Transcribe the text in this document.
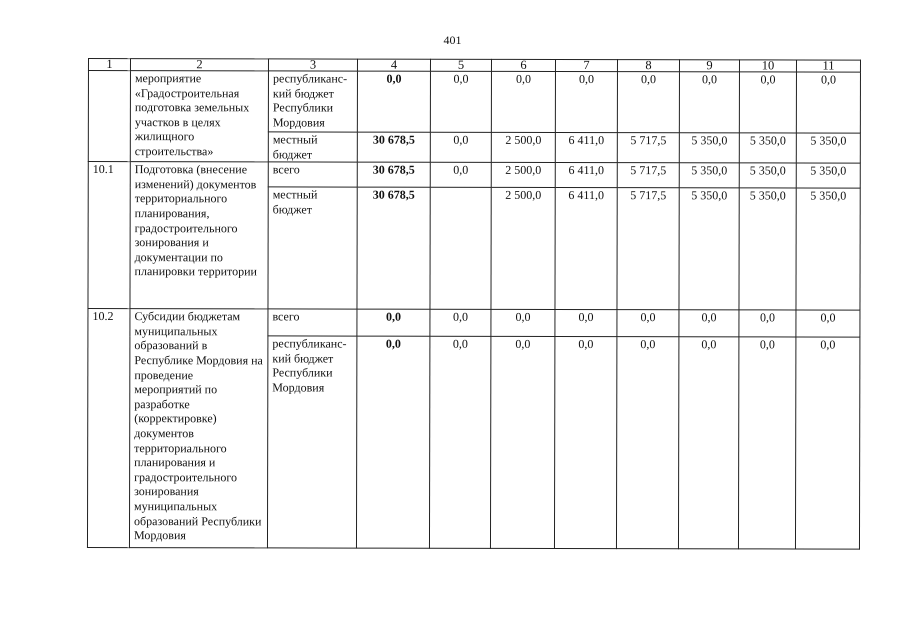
401
1	2	3	4	5	6	7	8	9	10	11
	мероприятие «Градостроительная подготовка земельных участков в целях жилищного строительства»	республиканс- кий бюджет Республики Мордовия	0,0	0,0	0,0	0,0	0,0	0,0	0,0	0,0
		местный бюджет	30 678,5	0,0	2 500,0	6 411,0	5 717,5	5 350,0	5 350,0	5 350,0
10.1	Подготовка (внесение изменений) документов территориального планирования, градостроительного зонирования и документации по планировки территории	всего	30 678,5	0,0	2 500,0	6 411,0	5 717,5	5 350,0	5 350,0	5 350,0
		местный бюджет	30 678,5		2 500,0	6 411,0	5 717,5	5 350,0	5 350,0	5 350,0
10.2	Субсидии бюджетам муниципальных образований в Республике Мордовия на проведение мероприятий по разработке (корректировке) документов территориального планирования и градостроительного зонирования муниципальных образований Республики Мордовия	всего	0,0	0,0	0,0	0,0	0,0	0,0	0,0	0,0
		республиканс- кий бюджет Республики Мордовия	0,0	0,0	0,0	0,0	0,0	0,0	0,0	0,0
